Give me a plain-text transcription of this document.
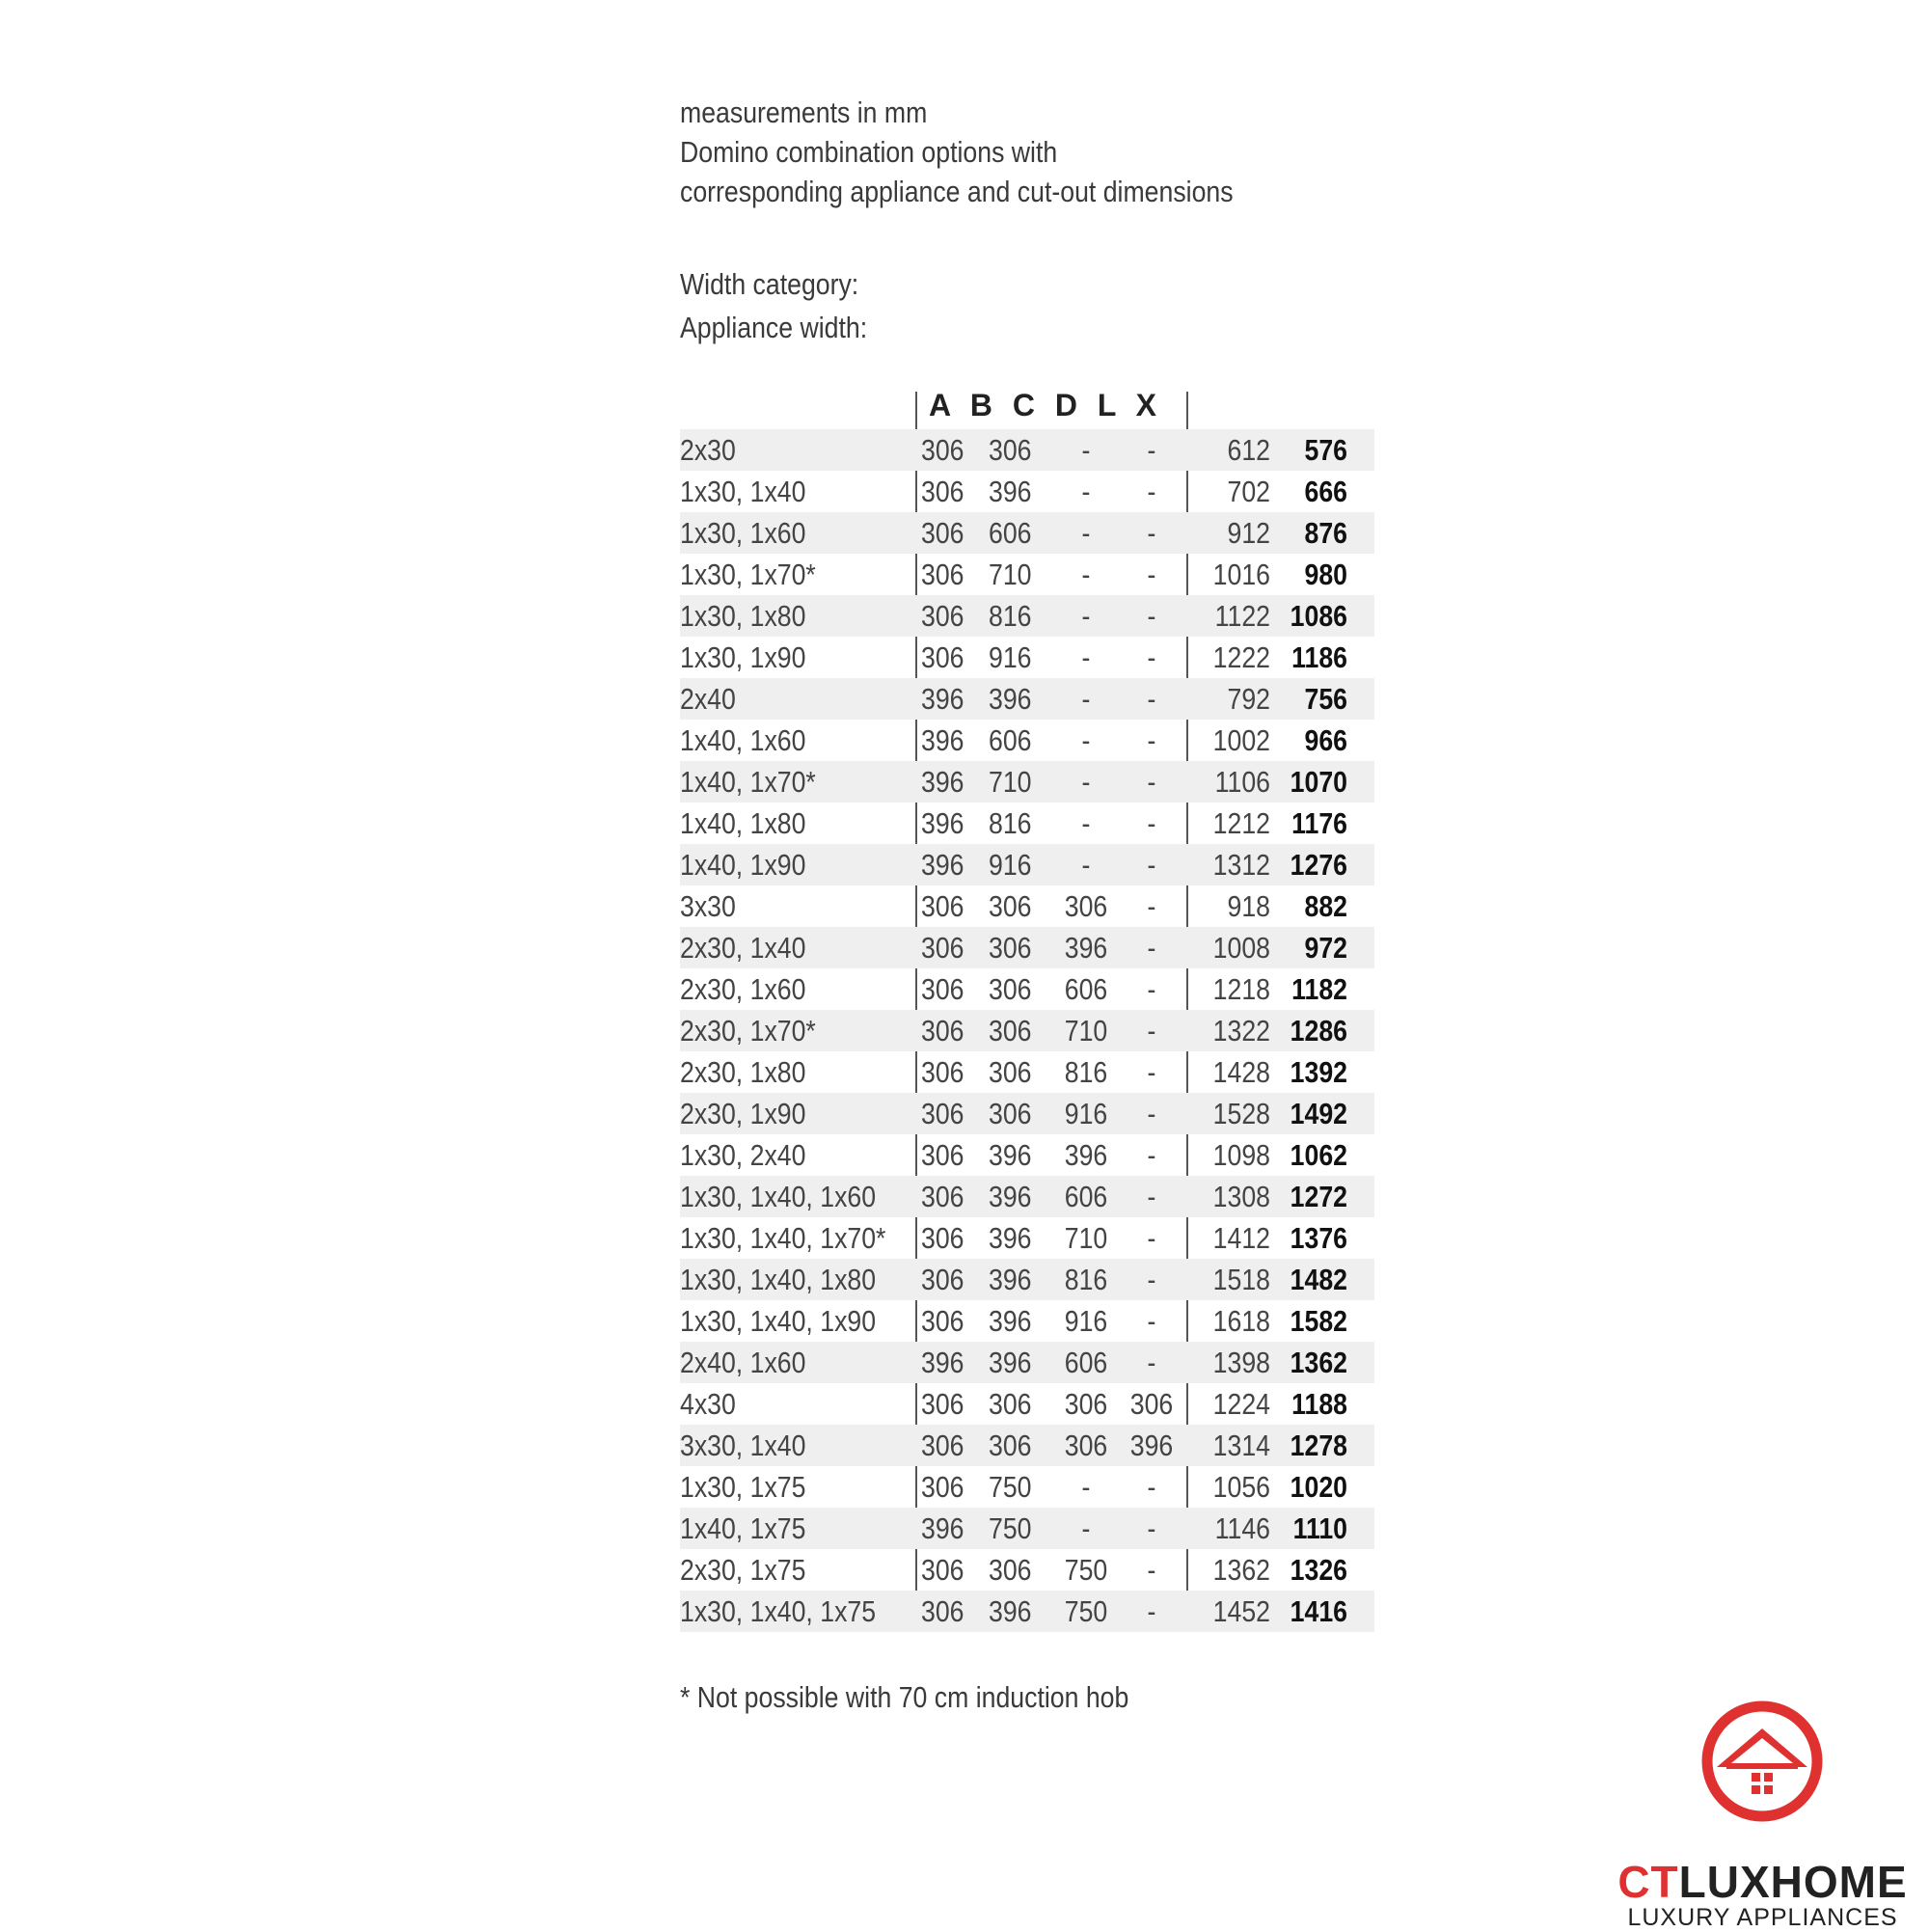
measurements in mm
Domino combination options with
corresponding appliance and cut-out dimensions
Width category:
Appliance width:
A B C D L X
2x30	306 306	-	-	612	576
1x30, 1x40	306 396	-	-	702	666
1x30, 1x60	306 606	-	-	912	876
1x30, 1x70*	306 710	-	-	1016	980
1x30, 1x80	306 816	-	-	1122 1086
1x30, 1x90	306 916	-	-	1222 1186
2x40	396 396	-	-	792	756
1x40, 1x60	396 606	-	-	1002	966
1x40, 1x70*	396 710	-	-	1106 1070
1x40, 1x80	396 816	-	-	1212 1176
1x40, 1x90	396 916	-	-	1312 1276
3x30	306 306 306	-	918	882
2x30, 1x40	306 306 396	-	1008	972
2x30, 1x60	306 306 606	-	1218 1182
2x30, 1x70*	306 306 710	-	1322 1286
2x30, 1x80	306 306 816	-	1428 1392
2x30, 1x90	306 306 916	-	1528 1492
1x30, 2x40	306 396 396	-	1098 1062
1x30, 1x40, 1x60 306 396 606	-	1308 1272
1x30, 1x40, 1x70* 306 396 710	-	1412 1376
1x30, 1x40, 1x80 306 396 816	-	1518 1482
1x30, 1x40, 1x90 306 396 916	-	1618 1582
2x40, 1x60	396 396 606	-	1398 1362
4x30	306 306 306 306	1224 1188
3x30, 1x40	306 306 306 396	1314 1278
1x30, 1x75	306 750	-	-	1056 1020
1x40, 1x75	396 750	-	-	1146 1110
2x30, 1x75	306 306 750	-	1362 1326
1x30, 1x40, 1x75 306 396 750	-	1452 1416
* Not possible with 70 cm induction hob
CTLUXHOME
LUXURY APPLIANCES
